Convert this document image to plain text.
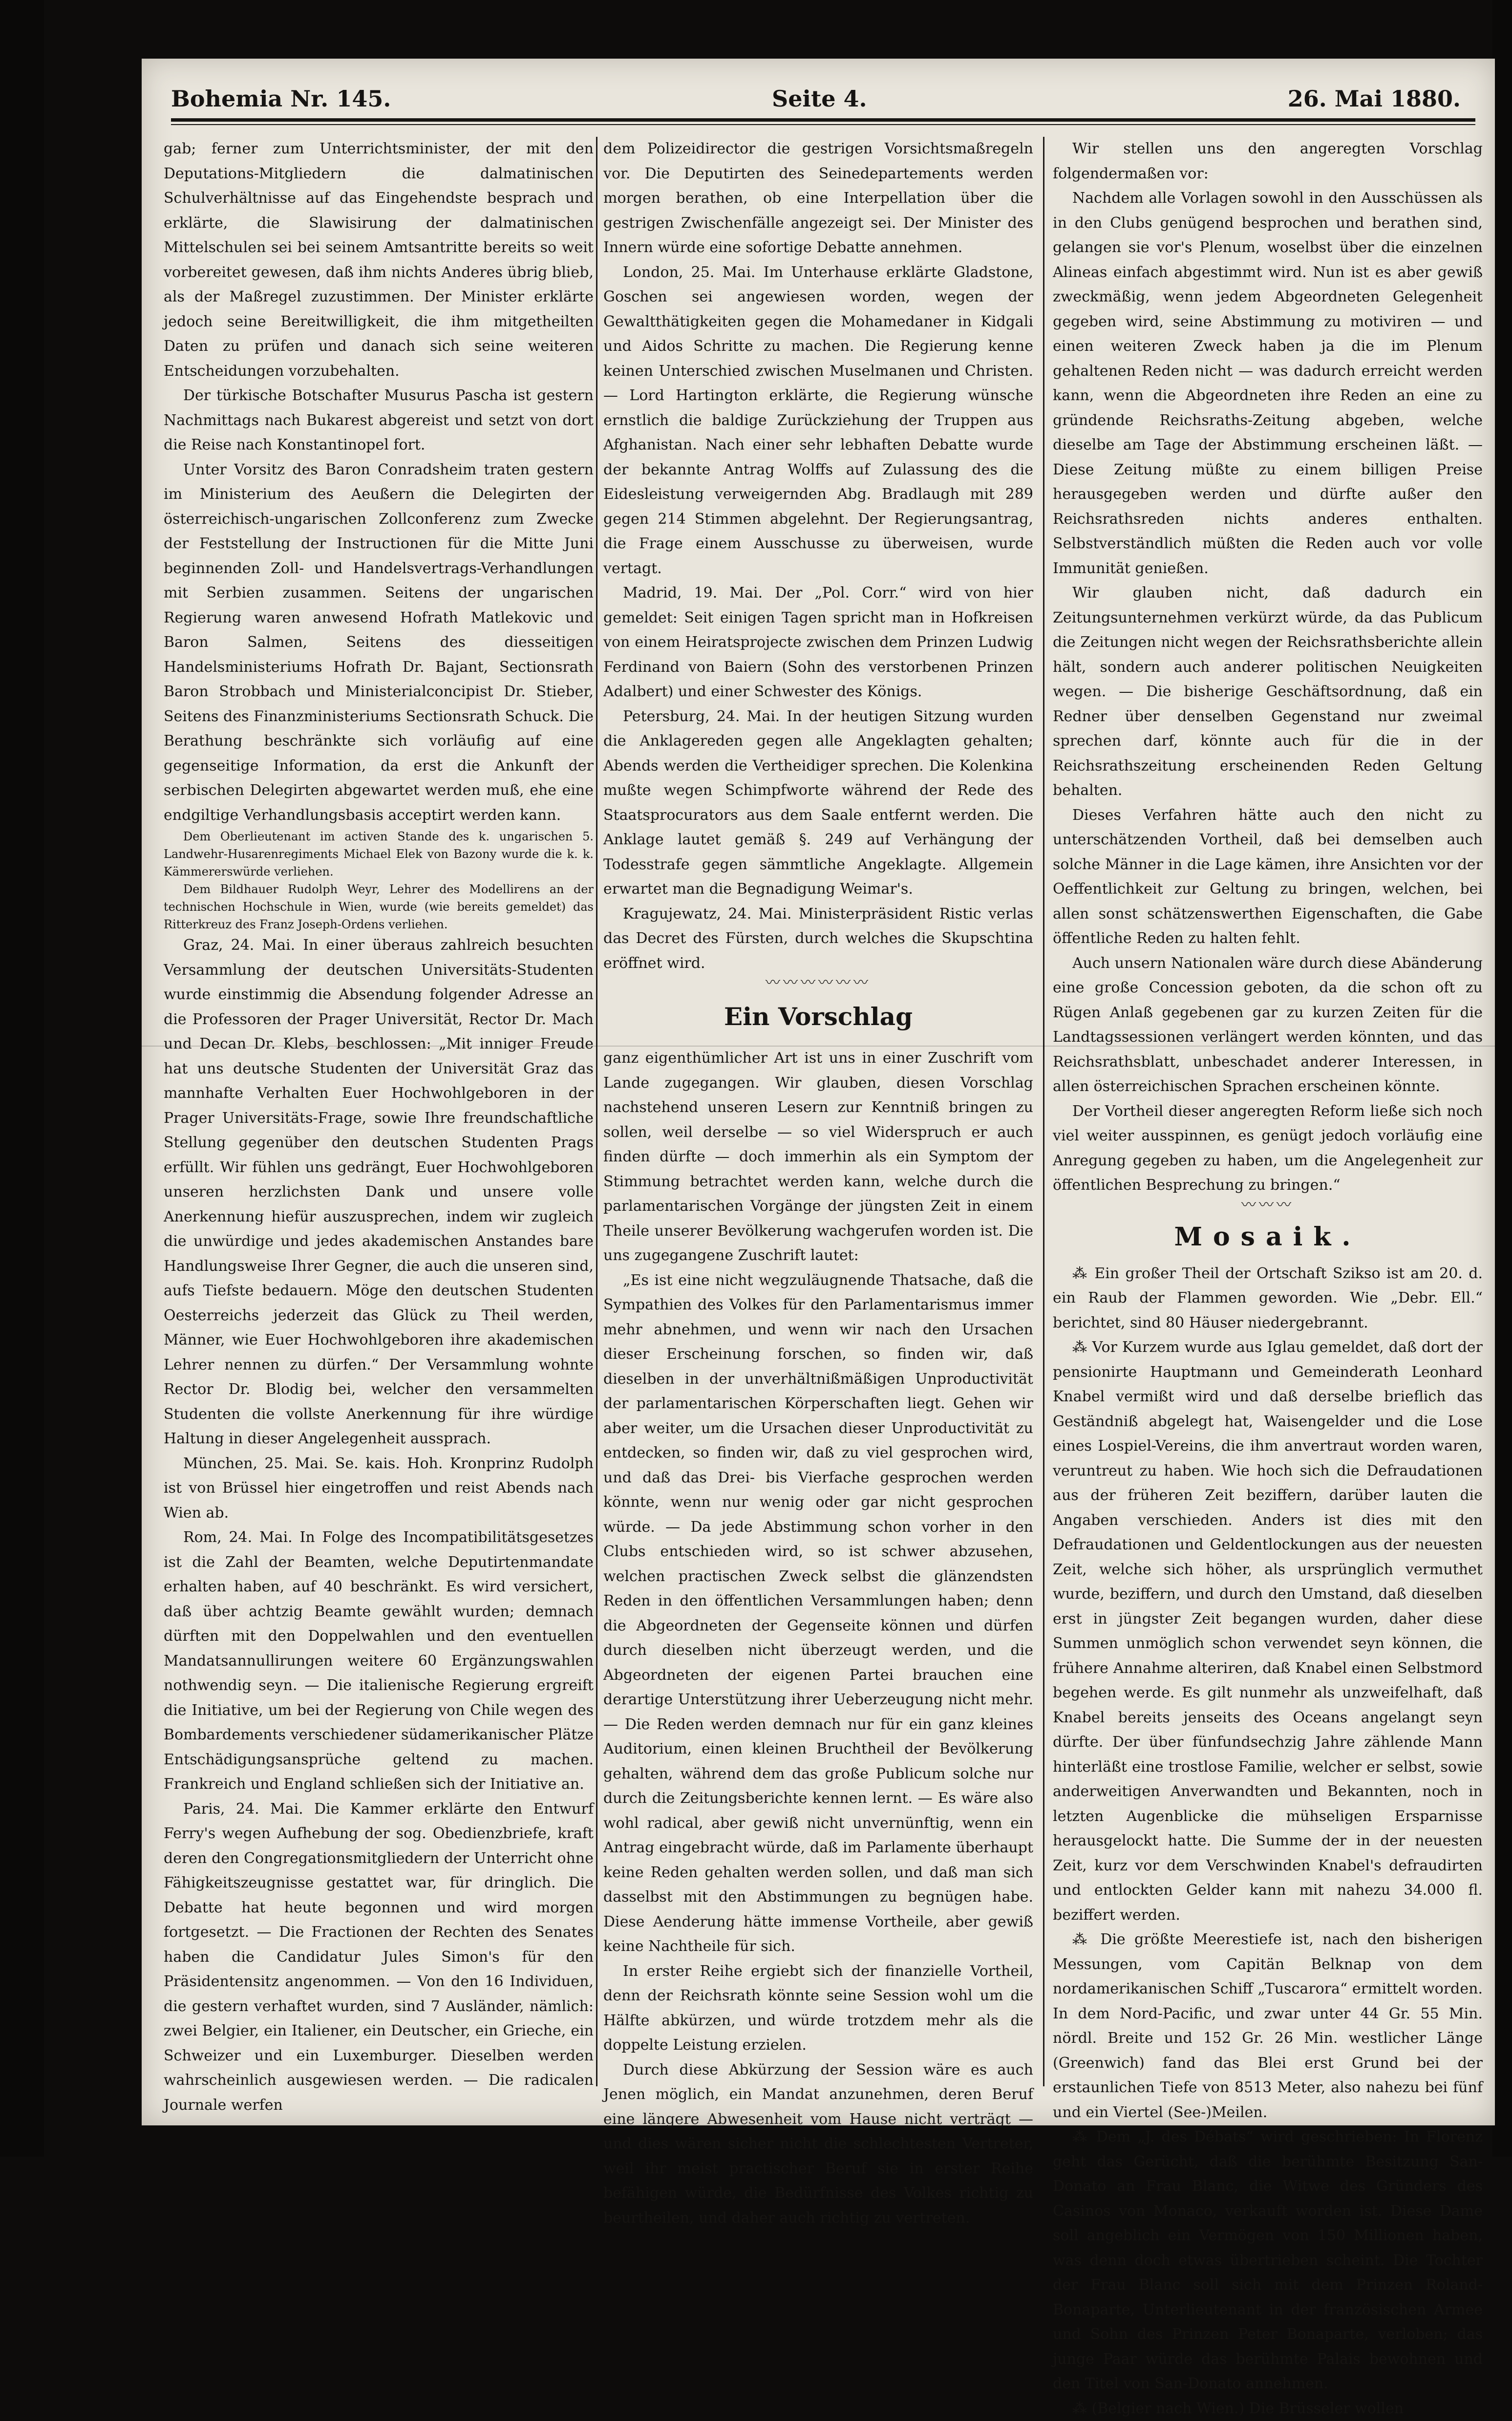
Bohemia Nr. 145.	Seite 4.	26. Mai 1880.

gab; ferner zum Unterrichtsminister, der mit den Deputations-Mitgliedern die dalmatinischen Schulverhältnisse auf das Eingehendste besprach und erklärte, die Slawisirung der dalmatinischen Mittelschulen sei bei seinem Amtsantritte bereits so weit vorbereitet gewesen, daß ihm nichts Anderes übrig blieb, als der Maßregel zuzustimmen. Der Minister erklärte jedoch seine Bereitwilligkeit, die ihm mitgetheilten Daten zu prüfen und danach sich seine weiteren Entscheidungen vorzubehalten.

Der türkische Botschafter Musurus Pascha ist gestern Nachmittags nach Bukarest abgereist und setzt von dort die Reise nach Konstantinopel fort.

Unter Vorsitz des Baron Conradsheim traten gestern im Ministerium des Aeußern die Delegirten der österreichisch-ungarischen Zollconferenz zum Zwecke der Feststellung der Instructionen für die Mitte Juni beginnenden Zoll- und Handelsvertrags-Verhandlungen mit Serbien zusammen. Seitens der ungarischen Regierung waren anwesend Hofrath Matlekovic und Baron Salmen, Seitens des diesseitigen Handelsministeriums Hofrath Dr. Bajant, Sectionsrath Baron Strobbach und Ministerialconcipist Dr. Stieber, Seitens des Finanzministeriums Sectionsrath Schuck. Die Berathung beschränkte sich vorläufig auf eine gegenseitige Information, da erst die Ankunft der serbischen Delegirten abgewartet werden muß, ehe eine endgiltige Verhandlungsbasis acceptirt werden kann.

Dem Oberlieutenant im activen Stande des k. ungarischen 5. Landwehr-Husarenregiments Michael Elek von Bazony wurde die k. k. Kämmererswürde verliehen.

Dem Bildhauer Rudolph Weyr, Lehrer des Modellirens an der technischen Hochschule in Wien, wurde (wie bereits gemeldet) das Ritterkreuz des Franz Joseph-Ordens verliehen.

Graz, 24. Mai. In einer überaus zahlreich besuchten Versammlung der deutschen Universitäts-Studenten wurde einstimmig die Absendung folgender Adresse an die Professoren der Prager Universität, Rector Dr. Mach und Decan Dr. Klebs, beschlossen: „Mit inniger Freude hat uns deutsche Studenten der Universität Graz das mannhafte Verhalten Euer Hochwohlgeboren in der Prager Universitäts-Frage, sowie Ihre freundschaftliche Stellung gegenüber den deutschen Studenten Prags erfüllt. Wir fühlen uns gedrängt, Euer Hochwohlgeboren unseren herzlichsten Dank und unsere volle Anerkennung hiefür auszusprechen, indem wir zugleich die unwürdige und jedes akademischen Anstandes bare Handlungsweise Ihrer Gegner, die auch die unseren sind, aufs Tiefste bedauern. Möge den deutschen Studenten Oesterreichs jederzeit das Glück zu Theil werden, Männer, wie Euer Hochwohlgeboren ihre akademischen Lehrer nennen zu dürfen.“ Der Versammlung wohnte Rector Dr. Blodig bei, welcher den versammelten Studenten die vollste Anerkennung für ihre würdige Haltung in dieser Angelegenheit aussprach.

München, 25. Mai. Se. kais. Hoh. Kronprinz Rudolph ist von Brüssel hier eingetroffen und reist Abends nach Wien ab.

Rom, 24. Mai. In Folge des Incompatibilitätsgesetzes ist die Zahl der Beamten, welche Deputirtenmandate erhalten haben, auf 40 beschränkt. Es wird versichert, daß über achtzig Beamte gewählt wurden; demnach dürften mit den Doppelwahlen und den eventuellen Mandatsannullirungen weitere 60 Ergänzungswahlen nothwendig seyn. — Die italienische Regierung ergreift die Initiative, um bei der Regierung von Chile wegen des Bombardements verschiedener südamerikanischer Plätze Entschädigungsansprüche geltend zu machen. Frankreich und England schließen sich der Initiative an.

Paris, 24. Mai. Die Kammer erklärte den Entwurf Ferry's wegen Aufhebung der sog. Obedienzbriefe, kraft deren den Congregationsmitgliedern der Unterricht ohne Fähigkeitszeugnisse gestattet war, für dringlich. Die Debatte hat heute begonnen und wird morgen fortgesetzt. — Die Fractionen der Rechten des Senates haben die Candidatur Jules Simon's für den Präsidentensitz angenommen. — Von den 16 Individuen, die gestern verhaftet wurden, sind 7 Ausländer, nämlich: zwei Belgier, ein Italiener, ein Deutscher, ein Grieche, ein Schweizer und ein Luxemburger. Dieselben werden wahrscheinlich ausgewiesen werden. — Die radicalen Journale werfen

dem Polizeidirector die gestrigen Vorsichtsmaßregeln vor. Die Deputirten des Seinedepartements werden morgen berathen, ob eine Interpellation über die gestrigen Zwischenfälle angezeigt sei. Der Minister des Innern würde eine sofortige Debatte annehmen.

London, 25. Mai. Im Unterhause erklärte Gladstone, Goschen sei angewiesen worden, wegen der Gewaltthätigkeiten gegen die Mohamedaner in Kidgali und Aidos Schritte zu machen. Die Regierung kenne keinen Unterschied zwischen Muselmanen und Christen. — Lord Hartington erklärte, die Regierung wünsche ernstlich die baldige Zurückziehung der Truppen aus Afghanistan. Nach einer sehr lebhaften Debatte wurde der bekannte Antrag Wolffs auf Zulassung des die Eidesleistung verweigernden Abg. Bradlaugh mit 289 gegen 214 Stimmen abgelehnt. Der Regierungsantrag, die Frage einem Ausschusse zu überweisen, wurde vertagt.

Madrid, 19. Mai. Der „Pol. Corr.“ wird von hier gemeldet: Seit einigen Tagen spricht man in Hofkreisen von einem Heiratsprojecte zwischen dem Prinzen Ludwig Ferdinand von Baiern (Sohn des verstorbenen Prinzen Adalbert) und einer Schwester des Königs.

Petersburg, 24. Mai. In der heutigen Sitzung wurden die Anklagereden gegen alle Angeklagten gehalten; Abends werden die Vertheidiger sprechen. Die Kolenkina mußte wegen Schimpfworte während der Rede des Staatsprocurators aus dem Saale entfernt werden. Die Anklage lautet gemäß §. 249 auf Verhängung der Todesstrafe gegen sämmtliche Angeklagte. Allgemein erwartet man die Begnadigung Weimar's.

Kragujewatz, 24. Mai. Ministerpräsident Ristic verlas das Decret des Fürsten, durch welches die Skupschtina eröffnet wird.

〰〰〰〰〰〰
Ein Vorschlag

ganz eigenthümlicher Art ist uns in einer Zuschrift vom Lande zugegangen. Wir glauben, diesen Vorschlag nachstehend unseren Lesern zur Kenntniß bringen zu sollen, weil derselbe — so viel Widerspruch er auch finden dürfte — doch immerhin als ein Symptom der Stimmung betrachtet werden kann, welche durch die parlamentarischen Vorgänge der jüngsten Zeit in einem Theile unserer Bevölkerung wachgerufen worden ist. Die uns zugegangene Zuschrift lautet:

„Es ist eine nicht wegzuläugnende Thatsache, daß die Sympathien des Volkes für den Parlamentarismus immer mehr abnehmen, und wenn wir nach den Ursachen dieser Erscheinung forschen, so finden wir, daß dieselben in der unverhältnißmäßigen Unproductivität der parlamentarischen Körperschaften liegt. Gehen wir aber weiter, um die Ursachen dieser Unproductivität zu entdecken, so finden wir, daß zu viel gesprochen wird, und daß das Drei- bis Vierfache gesprochen werden könnte, wenn nur wenig oder gar nicht gesprochen würde. — Da jede Abstimmung schon vorher in den Clubs entschieden wird, so ist schwer abzusehen, welchen practischen Zweck selbst die glänzendsten Reden in den öffentlichen Versammlungen haben; denn die Abgeordneten der Gegenseite können und dürfen durch dieselben nicht überzeugt werden, und die Abgeordneten der eigenen Partei brauchen eine derartige Unterstützung ihrer Ueberzeugung nicht mehr. — Die Reden werden demnach nur für ein ganz kleines Auditorium, einen kleinen Bruchtheil der Bevölkerung gehalten, während dem das große Publicum solche nur durch die Zeitungsberichte kennen lernt. — Es wäre also wohl radical, aber gewiß nicht unvernünftig, wenn ein Antrag eingebracht würde, daß im Parlamente überhaupt keine Reden gehalten werden sollen, und daß man sich dasselbst mit den Abstimmungen zu begnügen habe. Diese Aenderung hätte immense Vortheile, aber gewiß keine Nachtheile für sich.

In erster Reihe ergiebt sich der finanzielle Vortheil, denn der Reichsrath könnte seine Session wohl um die Hälfte abkürzen, und würde trotzdem mehr als die doppelte Leistung erzielen.

Durch diese Abkürzung der Session wäre es auch Jenen möglich, ein Mandat anzunehmen, deren Beruf eine längere Abwesenheit vom Hause nicht verträgt — und dies wären sicher nicht die schlechtesten Vertreter, weil ihr meist practischer Beruf sie in erster Reihe befähigen würde, die Bedürfnisse des Volkes richtig zu beurtheilen, und daher auch richtig zu vertreten.

Wir stellen uns den angeregten Vorschlag folgendermaßen vor:

Nachdem alle Vorlagen sowohl in den Ausschüssen als in den Clubs genügend besprochen und berathen sind, gelangen sie vor's Plenum, woselbst über die einzelnen Alineas einfach abgestimmt wird. Nun ist es aber gewiß zweckmäßig, wenn jedem Abgeordneten Gelegenheit gegeben wird, seine Abstimmung zu motiviren — und einen weiteren Zweck haben ja die im Plenum gehaltenen Reden nicht — was dadurch erreicht werden kann, wenn die Abgeordneten ihre Reden an eine zu gründende Reichsraths-Zeitung abgeben, welche dieselbe am Tage der Abstimmung erscheinen läßt. — Diese Zeitung müßte zu einem billigen Preise herausgegeben werden und dürfte außer den Reichsrathsreden nichts anderes enthalten. Selbstverständlich müßten die Reden auch vor volle Immunität genießen.

Wir glauben nicht, daß dadurch ein Zeitungsunternehmen verkürzt würde, da das Publicum die Zeitungen nicht wegen der Reichsrathsberichte allein hält, sondern auch anderer politischen Neuigkeiten wegen. — Die bisherige Geschäftsordnung, daß ein Redner über denselben Gegenstand nur zweimal sprechen darf, könnte auch für die in der Reichsrathszeitung erscheinenden Reden Geltung behalten.

Dieses Verfahren hätte auch den nicht zu unterschätzenden Vortheil, daß bei demselben auch solche Männer in die Lage kämen, ihre Ansichten vor der Oeffentlichkeit zur Geltung zu bringen, welchen, bei allen sonst schätzenswerthen Eigenschaften, die Gabe öffentliche Reden zu halten fehlt.

Auch unsern Nationalen wäre durch diese Abänderung eine große Concession geboten, da die schon oft zu Rügen Anlaß gegebenen gar zu kurzen Zeiten für die Landtagssessionen verlängert werden könnten, und das Reichsrathsblatt, unbeschadet anderer Interessen, in allen österreichischen Sprachen erscheinen könnte.

Der Vortheil dieser angeregten Reform ließe sich noch viel weiter ausspinnen, es genügt jedoch vorläufig eine Anregung gegeben zu haben, um die Angelegenheit zur öffentlichen Besprechung zu bringen.“

〰〰〰
Mosaik.

⁂ Ein großer Theil der Ortschaft Szikso ist am 20. d. ein Raub der Flammen geworden. Wie „Debr. Ell.“ berichtet, sind 80 Häuser niedergebrannt.

⁂ Vor Kurzem wurde aus Iglau gemeldet, daß dort der pensionirte Hauptmann und Gemeinderath Leonhard Knabel vermißt wird und daß derselbe brieflich das Geständniß abgelegt hat, Waisengelder und die Lose eines Lospiel-Vereins, die ihm anvertraut worden waren, veruntreut zu haben. Wie hoch sich die Defraudationen aus der früheren Zeit beziffern, darüber lauten die Angaben verschieden. Anders ist dies mit den Defraudationen und Geldentlockungen aus der neuesten Zeit, welche sich höher, als ursprünglich vermuthet wurde, beziffern, und durch den Umstand, daß dieselben erst in jüngster Zeit begangen wurden, daher diese Summen unmöglich schon verwendet seyn können, die frühere Annahme alteriren, daß Knabel einen Selbstmord begehen werde. Es gilt nunmehr als unzweifelhaft, daß Knabel bereits jenseits des Oceans angelangt seyn dürfte. Der über fünfundsechzig Jahre zählende Mann hinterläßt eine trostlose Familie, welcher er selbst, sowie anderweitigen Anverwandten und Bekannten, noch in letzten Augenblicke die mühseligen Ersparnisse herausgelockt hatte. Die Summe der in der neuesten Zeit, kurz vor dem Verschwinden Knabel's defraudirten und entlockten Gelder kann mit nahezu 34.000 fl. beziffert werden.

⁂ Die größte Meerestiefe ist, nach den bisherigen Messungen, vom Capitän Belknap von dem nordamerikanischen Schiff „Tuscarora“ ermittelt worden. In dem Nord-Pacific, und zwar unter 44 Gr. 55 Min. nördl. Breite und 152 Gr. 26 Min. westlicher Länge (Greenwich) fand das Blei erst Grund bei der erstaunlichen Tiefe von 8513 Meter, also nahezu bei fünf und ein Viertel (See-)Meilen.

⁂ Dem „J. des Débats“ wird geschrieben: In Florenz geht das Gerücht, daß die berühmte Besitzung San-Donato an Frau Blanc, die Witwe des Gründers des Casinos von Monaco, verkauft worden ist. Diese Dame soll angeblich ein Vermögen von 150 Millionen haben, was denn doch etwas übertrieben scheint. Die Tochter der Frau Blanc soll sich mit dem Prinzen Roland-Bonaparte, Unterlieutenant in der französischen Armee und Sohn des Prinzen Peter Bonaparte, verloben; das junge Paar würde das berühmte Palais bewohnen und den Titel von San-Donato annehmen.

⁂ (Belgier nach Wien.) Die Brüsseler wollen
